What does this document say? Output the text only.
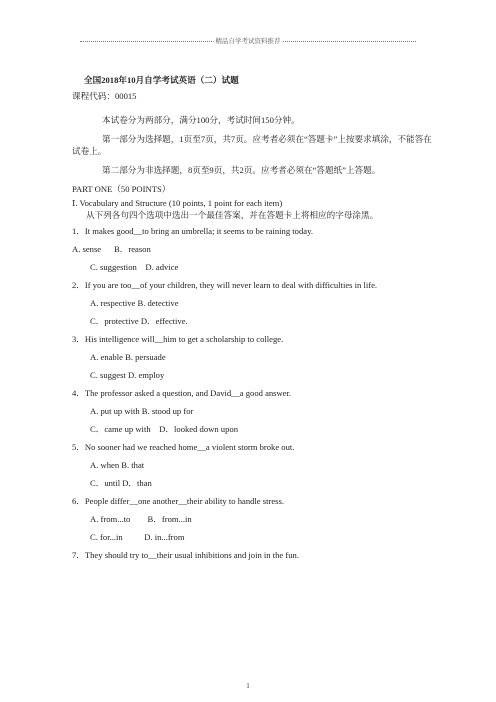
精品自学考试资料推荐
全国2018年10月自学考试英语（二）试题
课程代码：00015

本试卷分为两部分，满分100分，考试时间150分钟。

第一部分为选择题，1页至7页，共7页。应考者必须在“答题卡”上按要求填涂，不能答在试卷上。

第二部分为非选择题，8页至9页，共2页。应考者必须在“答题纸”上答题。

PART ONE（50 POINTS）
Ⅰ. Vocabulary and Structure (10 points, 1 point for each item)
从下列各句四个选项中选出一个最佳答案，并在答题卡上将相应的字母涂黑。
1．It makes good__to bring an umbrella; it seems to be raining today.
A. sense      B．reason
C. suggestion    D. advice
2．If you are too__of your children, they will never learn to deal with difficulties in life.
A. respective B. detective
C．protective D．effective.
3．His intelligence will__him to get a scholarship to college.
A. enable B. persuade
C. suggest D. employ
4．The professor asked a question, and David__a good answer.
A. put up with B. stood up for
C．came up with    D．looked down upon
5．No sooner had we reached home__a violent storm broke out.
A. when B. that
C．until D．than
6．People differ__one another__their ability to handle stress.
A. from...to        B．from...in
C. for...in          D. in...from
7．They should try to__their usual inhibitions and join in the fun.
1
